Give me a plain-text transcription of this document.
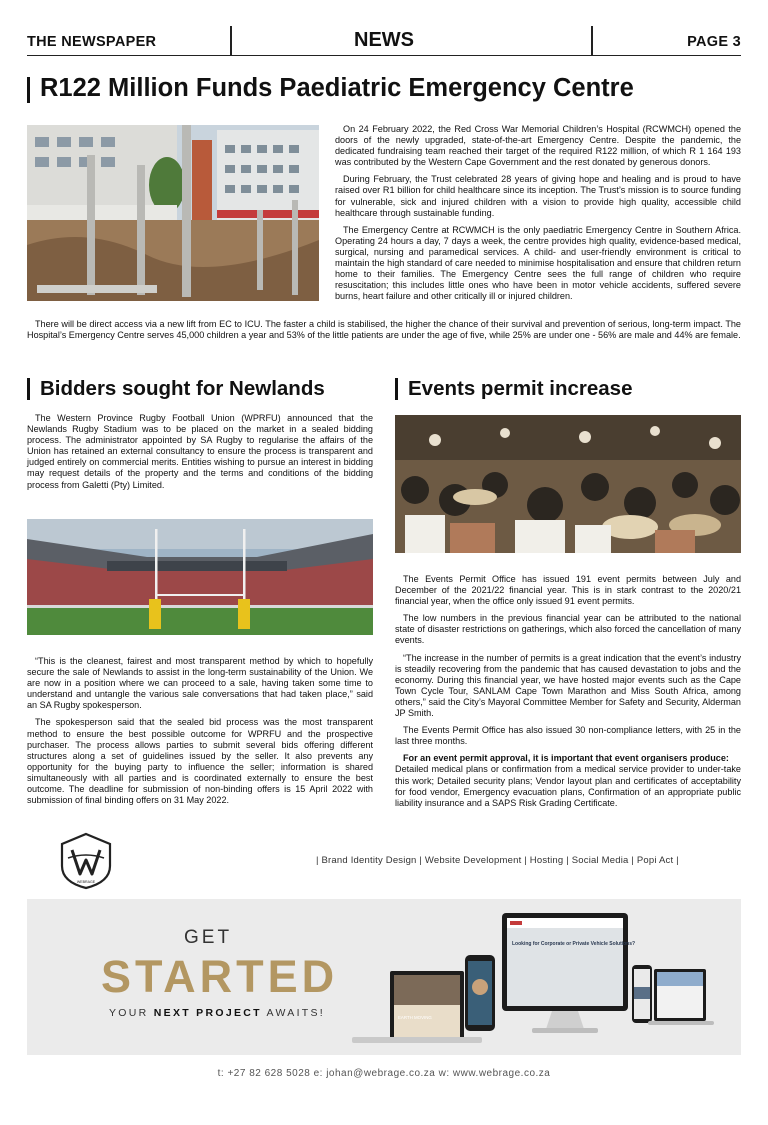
THE NEWSPAPER	NEWS	PAGE 3
R122 Million Funds Paediatric Emergency Centre

On 24 February 2022, the Red Cross War Memorial Children’s Hospital (RCWMCH) opened the doors of the newly upgraded, state-of-the-art Emergency Centre. Despite the pandemic, the dedicated fundraising team reached their target of the required R122 million, of which R 1 164 193 was contributed by the Western Cape Government and the rest donated by generous donors.

During February, the Trust celebrated 28 years of giving hope and healing and is proud to have raised over R1 billion for child healthcare since its inception. The Trust’s mission is to source funding for vulnerable, sick and injured children with a vision to provide high quality, accessible child healthcare through sustainable funding.

The Emergency Centre at RCWMCH is the only paediatric Emergency Centre in Southern Africa. Operating 24 hours a day, 7 days a week, the centre provides high quality, evidence-based medical, surgical, nursing and paramedical services. A child- and user-friendly environment is critical to maintain the high standard of care needed to minimise hospitalisation and ensure that children return home to their families. The Emergency Centre sees the full range of children who require resuscitation; this includes little ones who have been in motor vehicle accidents, suffered severe burns, heart failure and other critically ill or injured children.

There will be direct access via a new lift from EC to ICU. The faster a child is stabilised, the higher the chance of their survival and prevention of serious, long-term impact. The Hospital’s Emergency Centre serves 45,000 children a year and 53% of the little patients are under the age of five, while 25% are under one - 56% are male and 44% are female.

Bidders sought for Newlands

The Western Province Rugby Football Union (WPRFU) announced that the Newlands Rugby Stadium was to be placed on the market in a sealed bidding process. The administrator appointed by SA Rugby to regularise the affairs of the Union has retained an external consultancy to ensure the process is transparent and judged entirely on commercial merits. Entities wishing to pursue an interest in bidding may request details of the property and the terms and conditions of the bidding process from Galetti (Pty) Limited.

“This is the cleanest, fairest and most transparent method by which to hopefully secure the sale of Newlands to assist in the long-term sustainability of the Union. We are now in a position where we can proceed to a sale, having taken some time to understand and untangle the various sale conversations that had taken place,” said an SA Rugby spokesperson.

The spokesperson said that the sealed bid process was the most transparent method to ensure the best possible outcome for WPRFU and the prospective purchaser. The process allows parties to submit several bids offering different structures along a set of guidelines issued by the seller. It also prevents any opportunity for the buying party to influence the seller; information is shared simultaneously with all parties and is coordinated externally to ensure the best outcome. The deadline for submission of non-binding offers is 15 April 2022 with submission of final binding offers on 31 May 2022.

Events permit increase

The Events Permit Office has issued 191 event permits between July and December of the 2021/22 financial year. This is in stark contrast to the 2020/21 financial year, when the office only issued 91 event permits.

The low numbers in the previous financial year can be attributed to the national state of disaster restrictions on gatherings, which also forced the cancellation of many events.

“The increase in the number of permits is a great indication that the event’s industry is steadily recovering from the pandemic that has caused devastation to jobs and the economy. During this financial year, we have hosted major events such as the Cape Town Cycle Tour, SANLAM Cape Town Marathon and Miss South Africa, among others,” said the City’s Mayoral Committee Member for Safety and Security, Alderman JP Smith.

The Events Permit Office has also issued 30 non-compliance letters, with 25 in the last three months.

For an event permit approval, it is important that event organisers produce:
Detailed medical plans or confirmation from a medical service provider to under-take this work; Detailed security plans; Vendor layout plan and certificates of acceptability for food vendor, Emergency evacuation plans, Confirmation of an appropriate public liability insurance and a SAPS Risk Grading Certificate.

WEBRAGE
| Brand Identity Design | Website Development | Hosting | Social Media | Popi Act |
GET
STARTED
YOUR NEXT PROJECT AWAITS!	EARTH MOVING
Looking for Corporate or Private Vehicle Solutions?
t: +27 82 628 5028 e: johan@webrage.co.za w: www.webrage.co.za
